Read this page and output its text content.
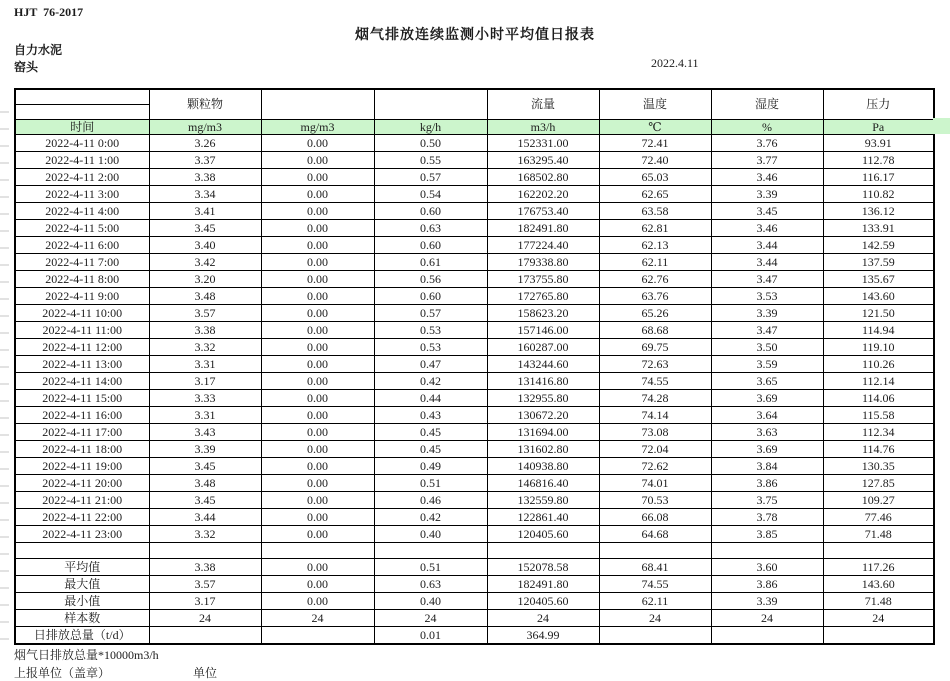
HJT  76-2017
烟气排放连续监测小时平均值日报表
自力水泥
窑头	2022.4.11
	颗粒物			流量	温度	湿度	压力

时间	mg/m3	mg/m3	kg/h	m3/h	℃	%	Pa
2022-4-11 0:00	3.26	0.00	0.50	152331.00	72.41	3.76	93.91
2022-4-11 1:00	3.37	0.00	0.55	163295.40	72.40	3.77	112.78
2022-4-11 2:00	3.38	0.00	0.57	168502.80	65.03	3.46	116.17
2022-4-11 3:00	3.34	0.00	0.54	162202.20	62.65	3.39	110.82
2022-4-11 4:00	3.41	0.00	0.60	176753.40	63.58	3.45	136.12
2022-4-11 5:00	3.45	0.00	0.63	182491.80	62.81	3.46	133.91
2022-4-11 6:00	3.40	0.00	0.60	177224.40	62.13	3.44	142.59
2022-4-11 7:00	3.42	0.00	0.61	179338.80	62.11	3.44	137.59
2022-4-11 8:00	3.20	0.00	0.56	173755.80	62.76	3.47	135.67
2022-4-11 9:00	3.48	0.00	0.60	172765.80	63.76	3.53	143.60
2022-4-11 10:00	3.57	0.00	0.57	158623.20	65.26	3.39	121.50
2022-4-11 11:00	3.38	0.00	0.53	157146.00	68.68	3.47	114.94
2022-4-11 12:00	3.32	0.00	0.53	160287.00	69.75	3.50	119.10
2022-4-11 13:00	3.31	0.00	0.47	143244.60	72.63	3.59	110.26
2022-4-11 14:00	3.17	0.00	0.42	131416.80	74.55	3.65	112.14
2022-4-11 15:00	3.33	0.00	0.44	132955.80	74.28	3.69	114.06
2022-4-11 16:00	3.31	0.00	0.43	130672.20	74.14	3.64	115.58
2022-4-11 17:00	3.43	0.00	0.45	131694.00	73.08	3.63	112.34
2022-4-11 18:00	3.39	0.00	0.45	131602.80	72.04	3.69	114.76
2022-4-11 19:00	3.45	0.00	0.49	140938.80	72.62	3.84	130.35
2022-4-11 20:00	3.48	0.00	0.51	146816.40	74.01	3.86	127.85
2022-4-11 21:00	3.45	0.00	0.46	132559.80	70.53	3.75	109.27
2022-4-11 22:00	3.44	0.00	0.42	122861.40	66.08	3.78	77.46
2022-4-11 23:00	3.32	0.00	0.40	120405.60	64.68	3.85	71.48

平均值	3.38	0.00	0.51	152078.58	68.41	3.60	117.26
最大值	3.57	0.00	0.63	182491.80	74.55	3.86	143.60
最小值	3.17	0.00	0.40	120405.60	62.11	3.39	71.48
样本数	24	24	24	24	24	24	24
日排放总量（t/d）			0.01	364.99			
烟气日排放总量*10000m3/h
上报单位（盖章）	单位
